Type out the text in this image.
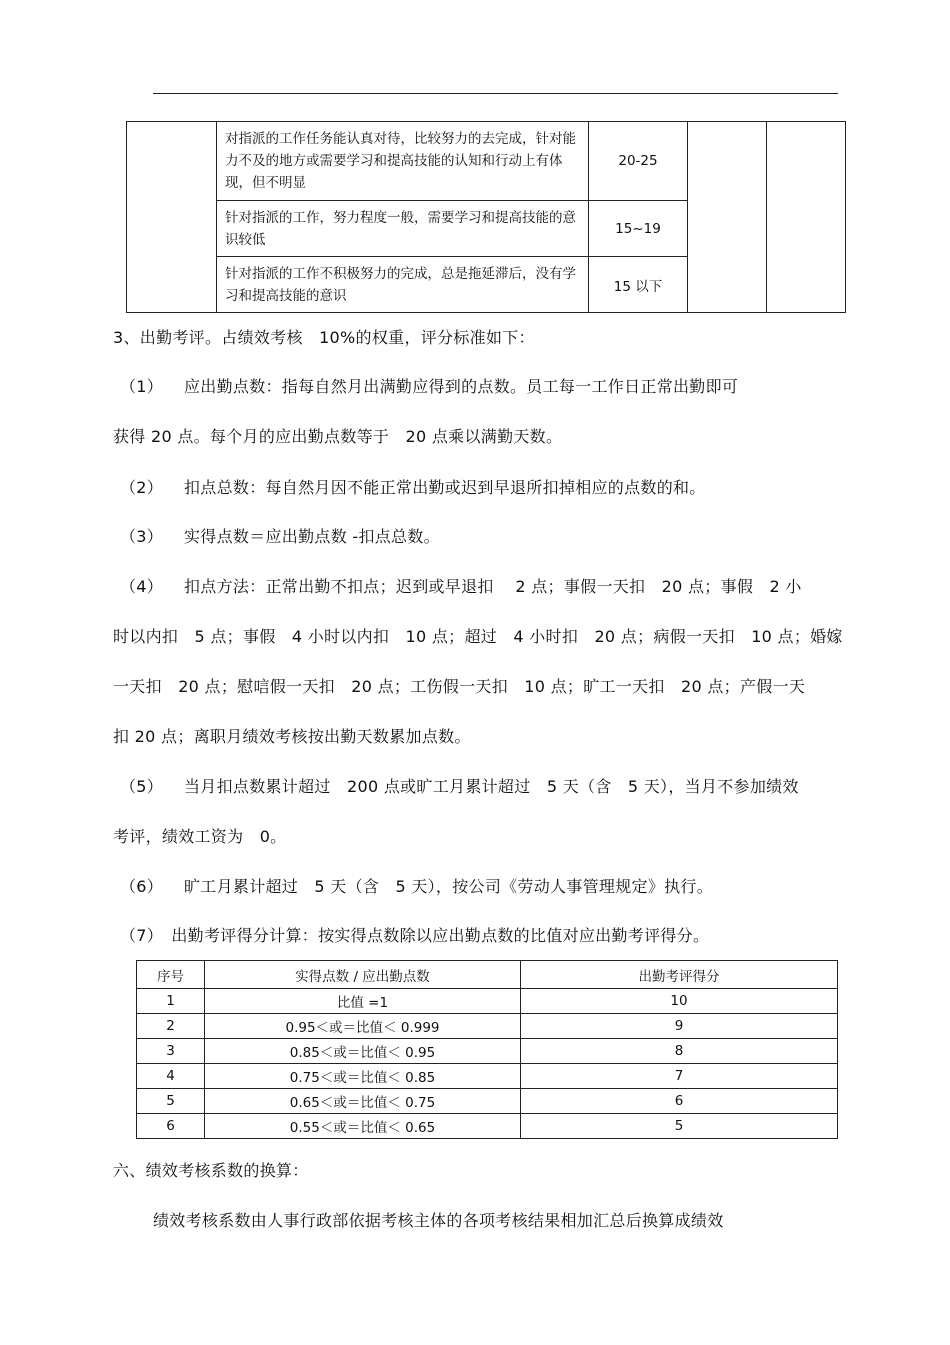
	对指派的工作任务能认真对待，比较努力的去完成，针对能力不及的地方或需要学习和提高技能的认知和行动上有体现，但不明显	20-25		
	针对指派的工作，努力程度一般，需要学习和提高技能的意识较低	15~19		
	针对指派的工作不积极努力的完成，总是拖延滞后，没有学习和提高技能的意识	15 以下		
3、出勤考评。占绩效考核　10%的权重，评分标准如下：
（1） 应出勤点数：指每自然月出满勤应得到的点数。员工每一工作日正常出勤即可
获得 20 点。每个月的应出勤点数等于　20 点乘以满勤天数。
（2） 扣点总数：每自然月因不能正常出勤或迟到早退所扣掉相应的点数的和。
（3） 实得点数＝应出勤点数 -扣点总数。
（4） 扣点方法：正常出勤不扣点；迟到或早退扣　 2 点；事假一天扣　20 点；事假　2 小
时以内扣　5 点；事假　4 小时以内扣　10 点；超过　4 小时扣　20 点；病假一天扣　10 点；婚嫁
一天扣　20 点；慰唁假一天扣　20 点；工伤假一天扣　10 点；旷工一天扣　20 点；产假一天
扣 20 点；离职月绩效考核按出勤天数累加点数。
（5） 当月扣点数累计超过　200 点或旷工月累计超过　5 天（含　5 天），当月不参加绩效
考评，绩效工资为　0。
（6） 旷工月累计超过　5 天（含　5 天），按公司《劳动人事管理规定》执行。
（7）　出勤考评得分计算：按实得点数除以应出勤点数的比值对应出勤考评得分。
序号	实得点数 / 应出勤点数	出勤考评得分
1	比值 =1	10
2	0.95＜或＝比值＜ 0.999	9
3	0.85＜或＝比值＜ 0.95	8
4	0.75＜或＝比值＜ 0.85	7
5	0.65＜或＝比值＜ 0.75	6
6	0.55＜或＝比值＜ 0.65	5
六、绩效考核系数的换算：
绩效考核系数由人事行政部依据考核主体的各项考核结果相加汇总后换算成绩效
